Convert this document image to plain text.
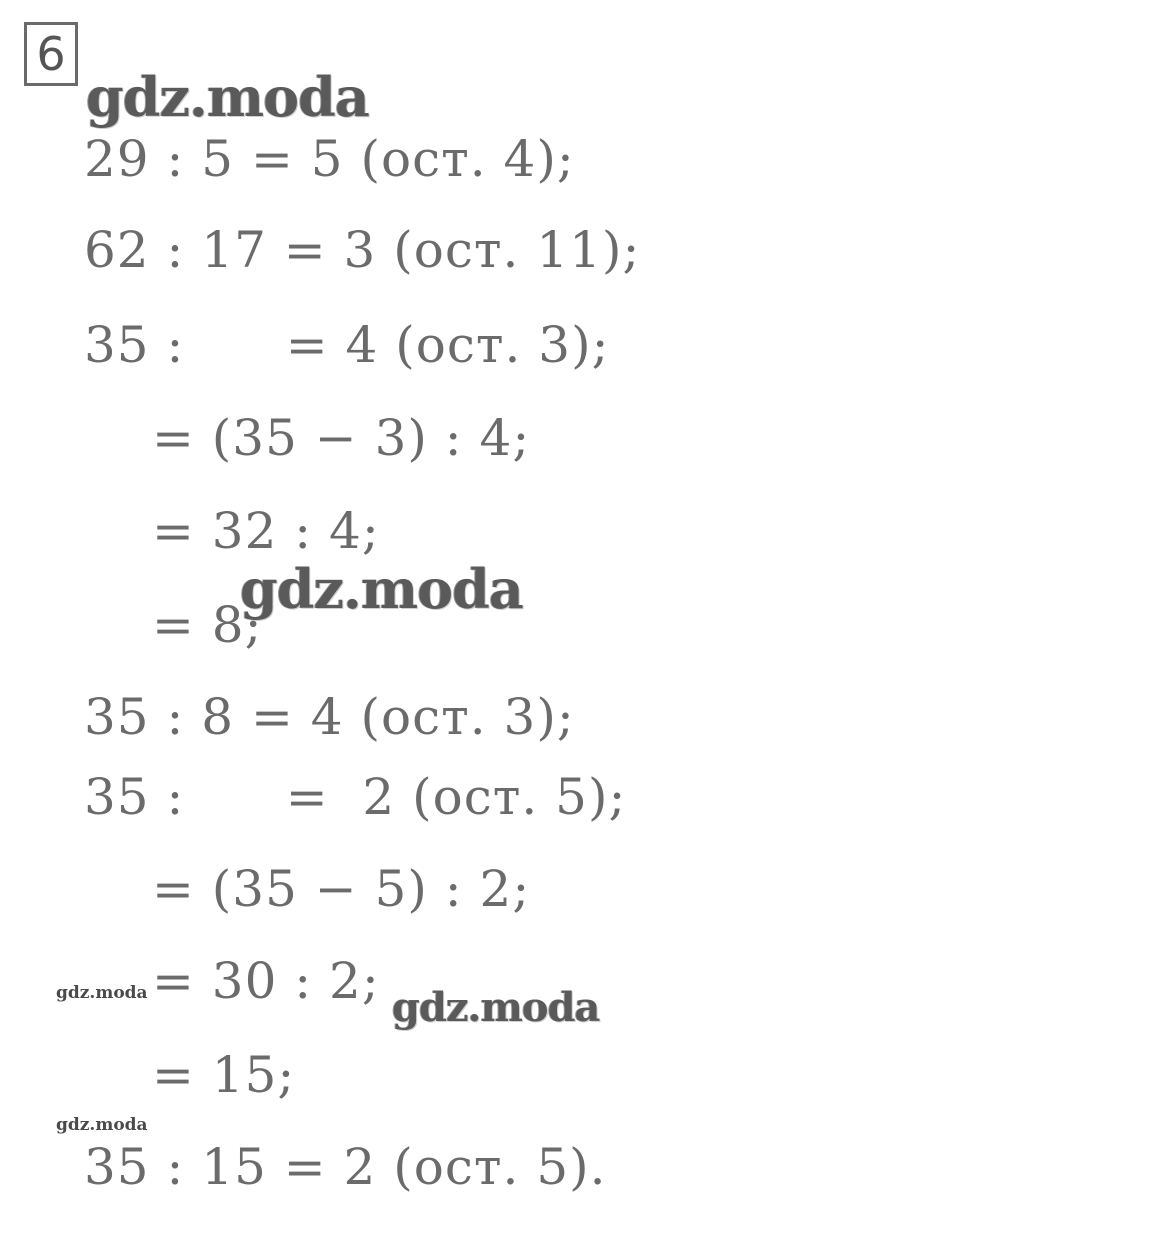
6
29 : 5 = 5 (ост. 4);
62 : 17 = 3 (ост. 11);
35 :      = 4 (ост. 3);
= (35 − 3) : 4;
= 32 : 4;
= 8;
35 : 8 = 4 (ост. 3);
35 :      =  2 (ост. 5);
= (35 − 5) : 2;
= 30 : 2;
= 15;
35 : 15 = 2 (ост. 5).
gdz.moda
gdz.moda
gdz.moda
gdz.moda
gdz.moda
